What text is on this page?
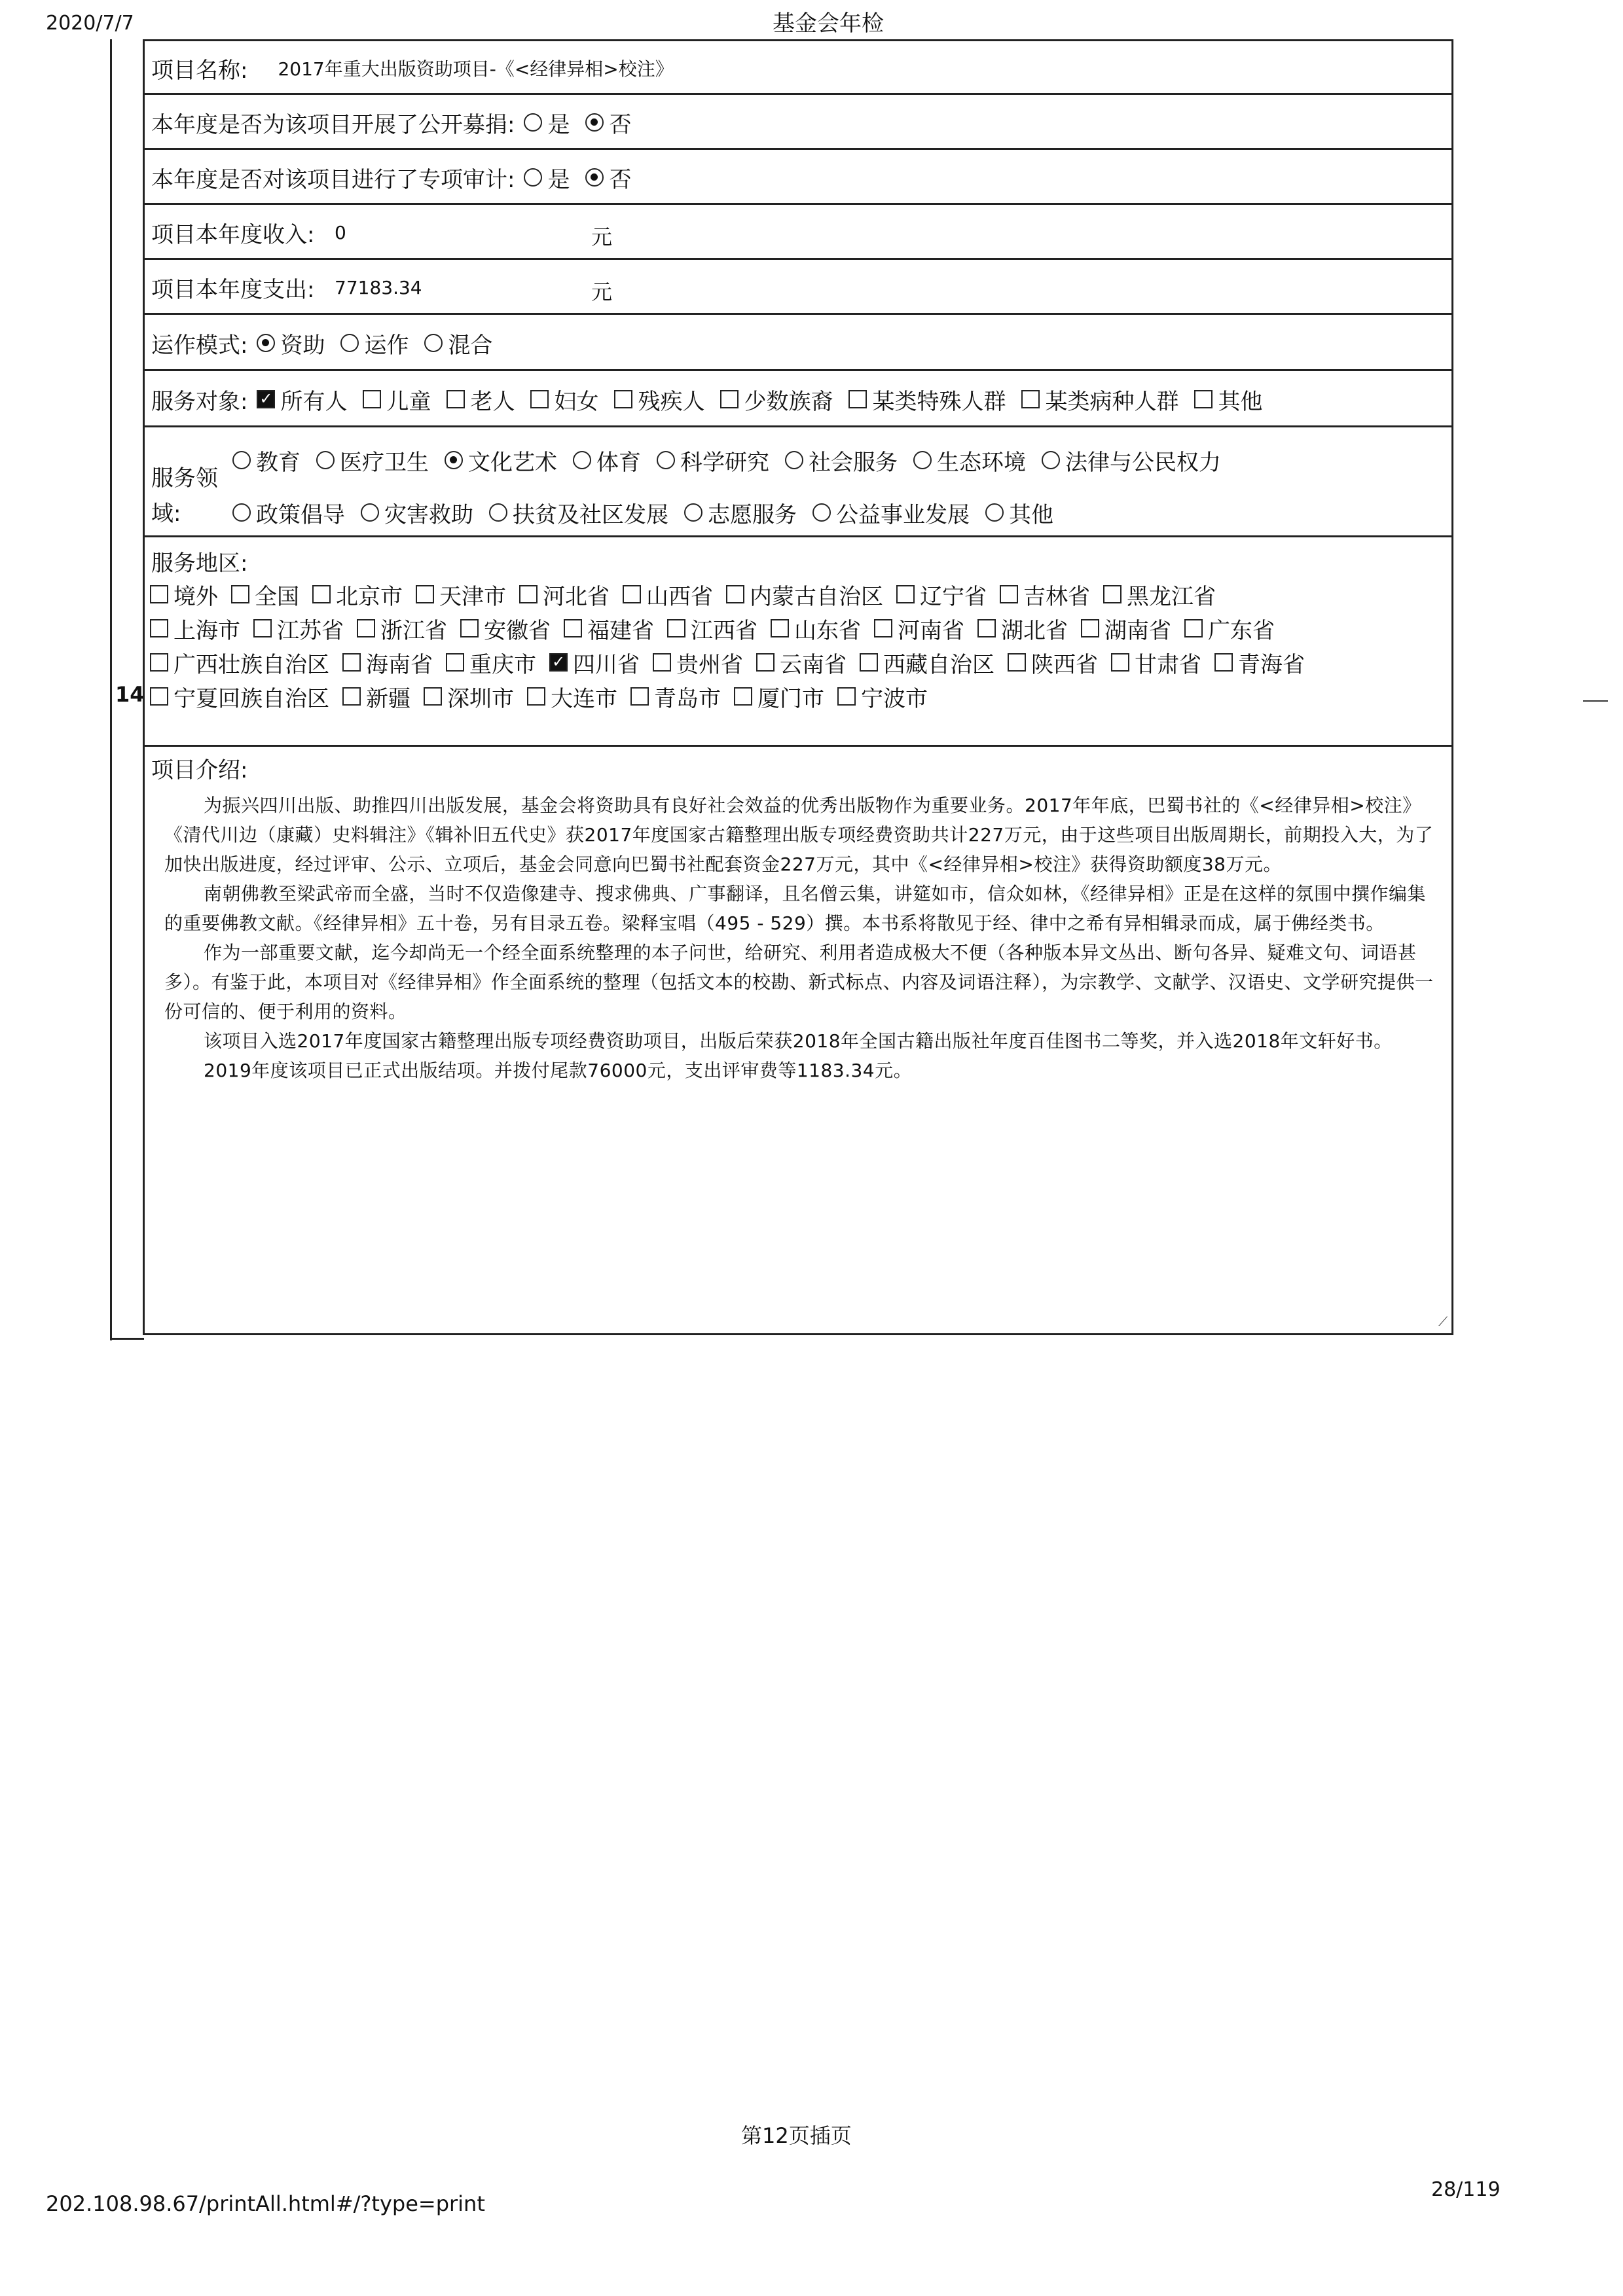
2020/7/7	基金会年检
14
项目名称: 2017年重大出版资助项目-《<经律异相>校注》
本年度是否为该项目开展了公开募捐: 是 否
本年度是否对该项目进行了专项审计: 是 否
项目本年度收入: 0	元
项目本年度支出: 77183.34	元
运作模式: 资助 运作 混合
服务对象: ✓ 所有人 儿童 老人 妇女 残疾人 少数族裔 某类特殊人群 某类病种人群 其他
服务领
域:
教育 医疗卫生 文化艺术 体育 科学研究 社会服务 生态环境 法律与公民权力
政策倡导 灾害救助 扶贫及社区发展 志愿服务 公益事业发展 其他
服务地区:
境外 全国 北京市 天津市 河北省 山西省 内蒙古自治区 辽宁省 吉林省 黑龙江省
上海市 江苏省 浙江省 安徽省 福建省 江西省 山东省 河南省 湖北省 湖南省 广东省
广西壮族自治区 海南省 重庆市 ✓ 四川省 贵州省 云南省 西藏自治区 陕西省 甘肃省 青海省
宁夏回族自治区 新疆 深圳市 大连市 青岛市 厦门市 宁波市
项目介绍:

为振兴四川出版、助推四川出版发展，基金会将资助具有良好社会效益的优秀出版物作为重要业务。2017年年底，巴蜀书社的《<经律异相>校注》《清代川边（康藏）史料辑注》《辑补旧五代史》获2017年度国家古籍整理出版专项经费资助共计227万元，由于这些项目出版周期长，前期投入大，为了加快出版进度，经过评审、公示、立项后，基金会同意向巴蜀书社配套资金227万元，其中《<经律异相>校注》获得资助额度38万元。

南朝佛教至梁武帝而全盛，当时不仅造像建寺、搜求佛典、广事翻译，且名僧云集，讲筵如市，信众如林，《经律异相》正是在这样的氛围中撰作编集的重要佛教文献。《经律异相》五十卷，另有目录五卷。梁释宝唱（495 - 529）撰。本书系将散见于经、律中之希有异相辑录而成，属于佛经类书。

作为一部重要文献，迄今却尚无一个经全面系统整理的本子问世，给研究、利用者造成极大不便（各种版本异文丛出、断句各异、疑难文句、词语甚多）。有鉴于此，本项目对《经律异相》作全面系统的整理（包括文本的校勘、新式标点、内容及词语注释），为宗教学、文献学、汉语史、文学研究提供一份可信的、便于利用的资料。

该项目入选2017年度国家古籍整理出版专项经费资助项目，出版后荣获2018年全国古籍出版社年度百佳图书二等奖，并入选2018年文轩好书。

2019年度该项目已正式出版结项。并拨付尾款76000元，支出评审费等1183.34元。

⟋
第12页插页
202.108.98.67/printAll.html#/?type=print
28/119
